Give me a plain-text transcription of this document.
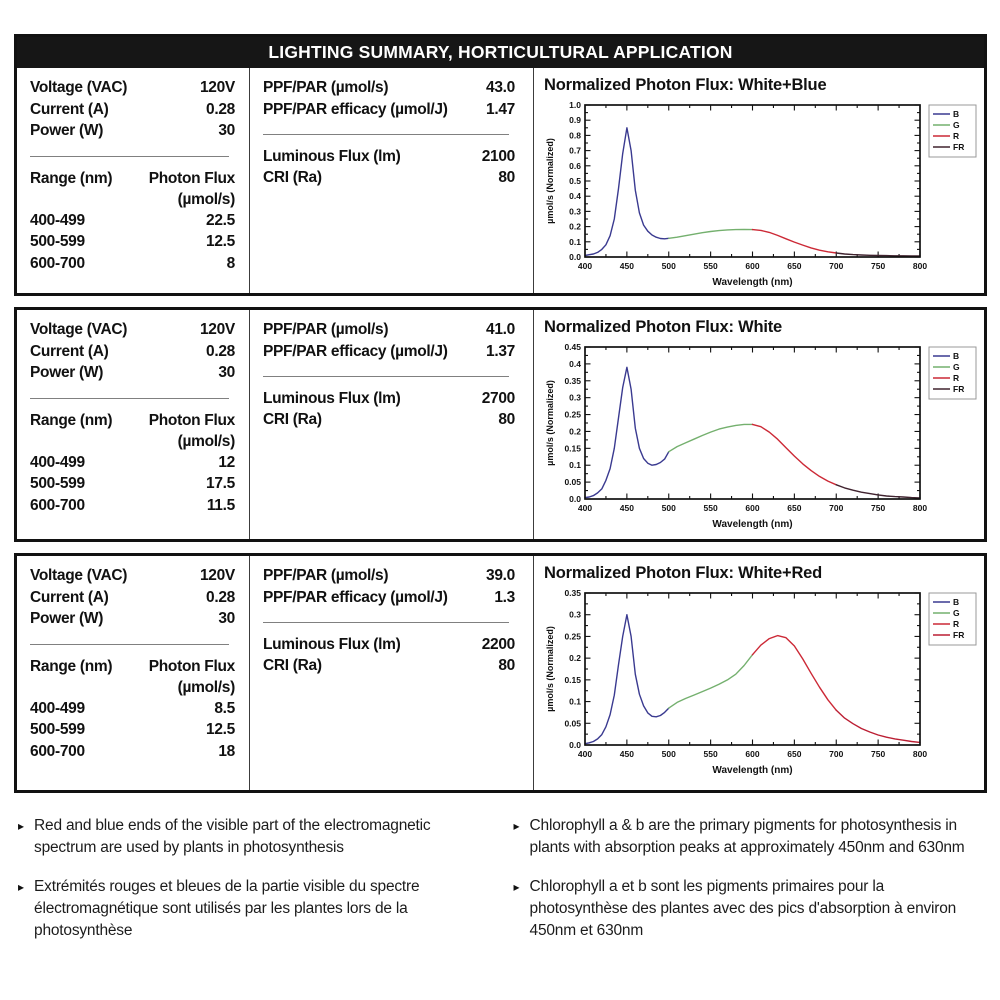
LIGHTING SUMMARY, HORTICULTURAL APPLICATION
Voltage (VAC)	120V
Current (A)	0.28
Power (W)	30
Range (nm) Photon Flux
(µmol/s)
400-499	22.5
500-599	12.5
600-700	8
PPF/PAR (µmol/s)	43.0
PPF/PAR efficacy (µmol/J) 1.47
Luminous Flux (lm)	2100
CRI (Ra)	80
Normalized Photon Flux: White+Blue
400	450	500	550	600	650	700	750	800
0.0
0.1
0.2
0.3
0.4
0.5
0.6
0.7
0.8
0.9
1.0
Wavelength (nm)
µmol/s (Normalized)
B
G
R
FR
Voltage (VAC)	120V
Current (A)	0.28
Power (W)	30
Range (nm) Photon Flux
(µmol/s)
400-499	12
500-599	17.5
600-700	11.5
PPF/PAR (µmol/s)	41.0
PPF/PAR efficacy (µmol/J) 1.37
Luminous Flux (lm)	2700
CRI (Ra)	80
Normalized Photon Flux: White
400	450	500	550	600	650	700	750	800
0.0
0.05
0.1
0.15
0.2
0.25
0.3
0.35
0.4
0.45
Wavelength (nm)
µmol/s (Normalized)
B
G
R
FR
Voltage (VAC)	120V
Current (A)	0.28
Power (W)	30
Range (nm) Photon Flux
(µmol/s)
400-499	8.5
500-599	12.5
600-700	18
PPF/PAR (µmol/s)	39.0
PPF/PAR efficacy (µmol/J)	1.3
Luminous Flux (lm)	2200
CRI (Ra)	80
Normalized Photon Flux: White+Red
400	450	500	550	600	650	700	750	800
0.0
0.05
0.1
0.15
0.2
0.25
0.3
0.35
Wavelength (nm)
µmol/s (Normalized)
B
G
R
FR
▸ Red and blue ends of the visible part of the electromagnetic spectrum are used by plants in photosynthesis

▸ Extrémités rouges et bleues de la partie visible du spectre électromagnétique sont utilisés par les plantes lors de la photosynthèse

▸ Chlorophyll a & b are the primary pigments for photosynthesis in plants with absorption peaks at approximately 450nm and 630nm

▸ Chlorophyll a et b sont les pigments primaires pour la photosynthèse des plantes avec des pics d'absorption à environ 450nm et 630nm
